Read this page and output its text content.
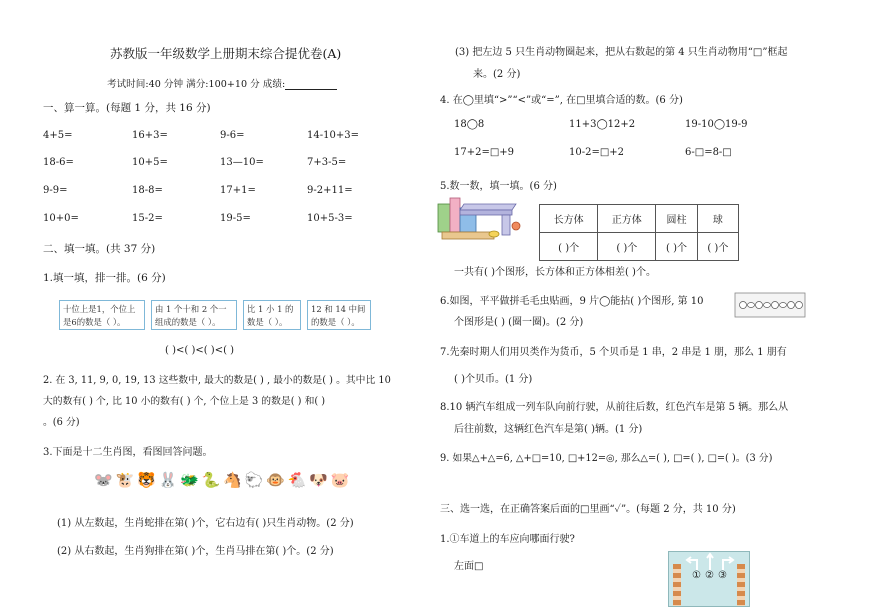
苏教版一年级数学上册期末综合提优卷(A)
考试时间:40 分钟 满分:100+10 分 成绩:
一、算一算。(每题 1 分，共 16 分)
4+5=	16+3=	9-6=	14-10+3=
18-6=	10+5=	13—10=	7+3-5=
9-9=	18-8=	17+1=	9-2+11=
10+0=	15-2=	19-5=	10+5-3=
二、填一填。(共 37 分)
1.填一填，排一排。(6 分)
十位上是1，个位上是6的数是（ ）。
由 1 个十和 2 个一组成的数是（ ）。
比 1 小 1 的数是（ ）。
12 和 14 中间的数是（ ）。
( )<( )<( )<( )
2. 在 3, 11, 9, 0, 19, 13 这些数中, 最大的数是( ) , 最小的数是( ) 。其中比 10
大的数有( ) 个, 比 10 小的数有( ) 个, 个位上是 3 的数是( ) 和( )
。(6 分)
3.下面是十二生肖图，看图回答问题。
🐭 🐮 🐯 🐰 🐲 🐍 🐴 🐑 🐵 🐔 🐶 🐷
(1) 从左数起，生肖蛇排在第( )个，它右边有( )只生肖动物。(2 分)
(2) 从右数起，生肖狗排在第( )个，生肖马排在第( )个。(2 分)
(3) 把左边 5 只生肖动物圈起来，把从右数起的第 4 只生肖动物用“□”框起
来。(2 分)
4. 在◯里填“>”“<”或“=”, 在□里填合适的数。(6 分)
18◯8	11+3◯12+2	19-10◯19-9
17+2=□+9	10-2=□+2	6-□=8-□
5.数一数，填一填。(6 分)
长方体	正方体	圆柱	球
( )个	( )个	( )个	( )个
一共有( )个图形，长方体和正方体相差( )个。
6.如图，平平做拼毛毛虫贴画，9 片◯能拈( )个图形, 第 10
个图形是( ) (圈一圈)。(2 分)
7.先秦时期人们用贝类作为货币，5 个贝币是 1 串，2 串是 1 朋，那么 1 朋有
( )个贝币。(1 分)
8.10 辆汽车组成一列车队向前行驶，从前往后数，红色汽车是第 5 辆。那么从
后往前数，这辆红色汽车是第( )辆。(1 分)
9. 如果△+△=6, △+□=10, □+12=◎, 那么△=( ), □=( ), □=( )。(3 分)
三、选一选，在正确答案后面的□里画“✓”。(每题 2 分，共 10 分)
1.①车道上的车应向哪面行驶?
左面□
① ② ③
